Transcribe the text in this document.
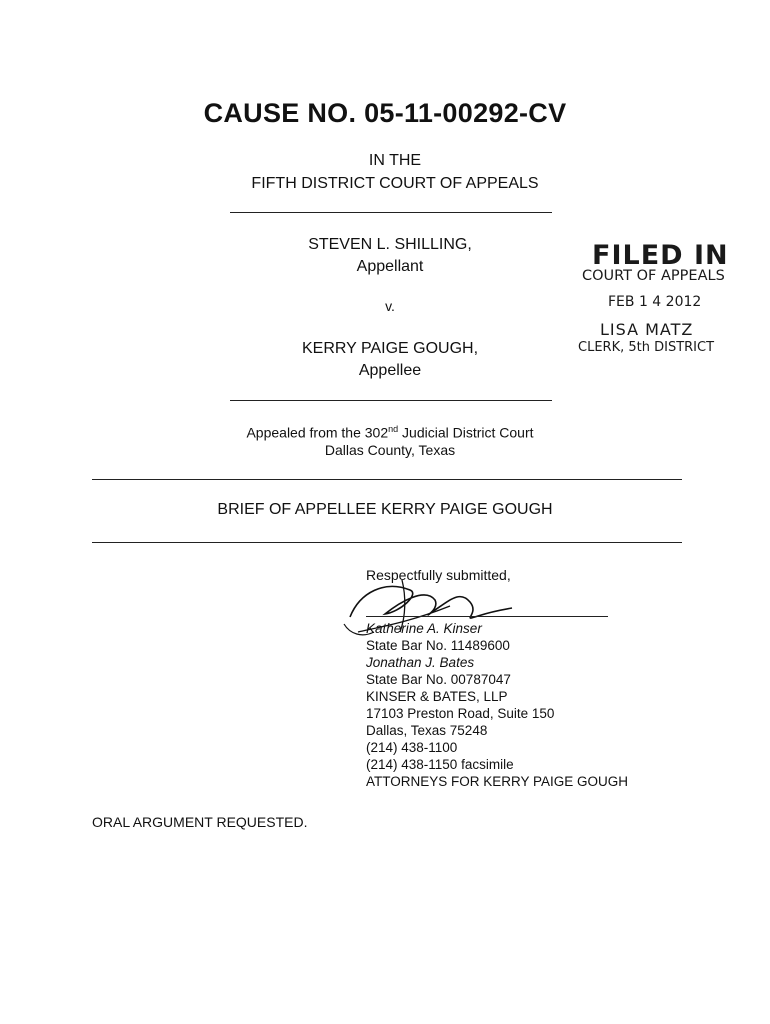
CAUSE NO. 05-11-00292-CV
IN THE
FIFTH DISTRICT COURT OF APPEALS
STEVEN L. SHILLING,
Appellant
v.
KERRY PAIGE GOUGH,
Appellee
Appealed from the 302nd Judicial District Court
Dallas County, Texas
BRIEF OF APPELLEE KERRY PAIGE GOUGH
FILED IN
COURT OF APPEALS
FEB 1 4 2012
LISA MATZ
CLERK, 5th DISTRICT
Respectfully submitted,
Katherine A. Kinser
State Bar No. 11489600
Jonathan J. Bates
State Bar No. 00787047
KINSER & BATES, LLP
17103 Preston Road, Suite 150
Dallas, Texas 75248
(214) 438-1100
(214) 438-1150 facsimile
ATTORNEYS FOR KERRY PAIGE GOUGH
ORAL ARGUMENT REQUESTED.
